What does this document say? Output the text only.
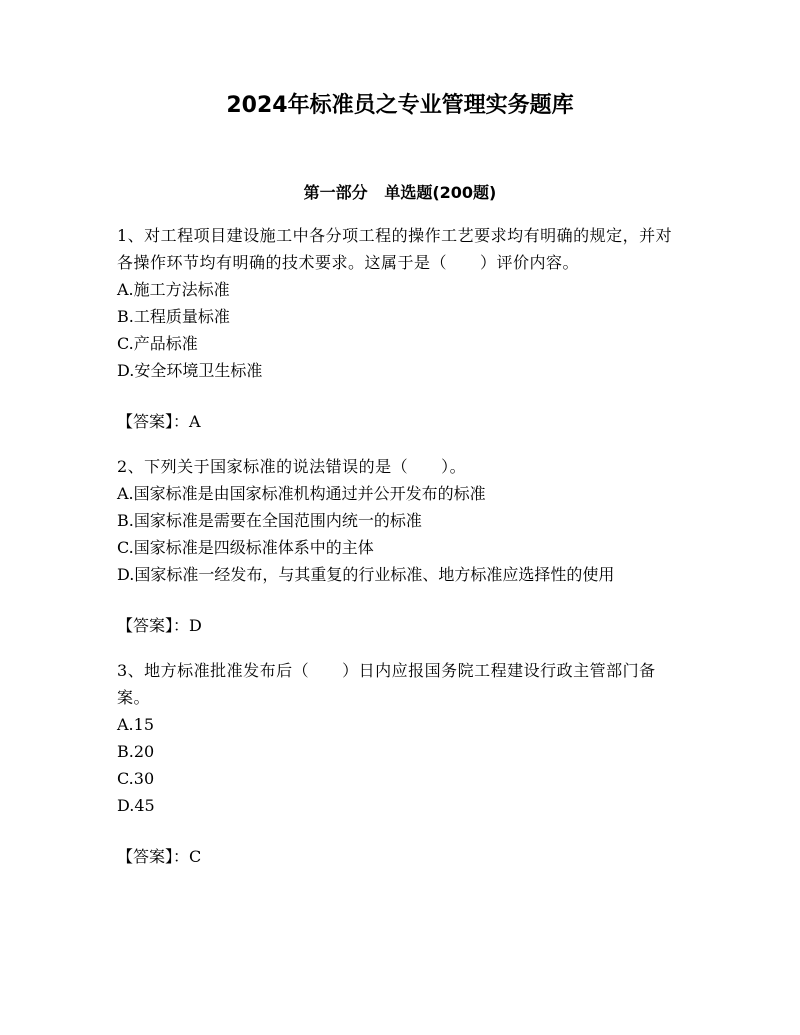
2024年标准员之专业管理实务题库
第一部分   单选题(200题)

1、对工程项目建设施工中各分项工程的操作工艺要求均有明确的规定，并对各操作环节均有明确的技术要求。这属于是（　　）评价内容。

A.施工方法标准

B.工程质量标准

C.产品标准

D.安全环境卫生标准

【答案】：A

2、下列关于国家标准的说法错误的是（　　）。

A.国家标准是由国家标准机构通过并公开发布的标准

B.国家标准是需要在全国范围内统一的标准

C.国家标准是四级标准体系中的主体

D.国家标准一经发布，与其重复的行业标准、地方标准应选择性的使用

【答案】：D

3、地方标准批准发布后（　　）日内应报国务院工程建设行政主管部门备案。

A.15

B.20

C.30

D.45

【答案】：C
